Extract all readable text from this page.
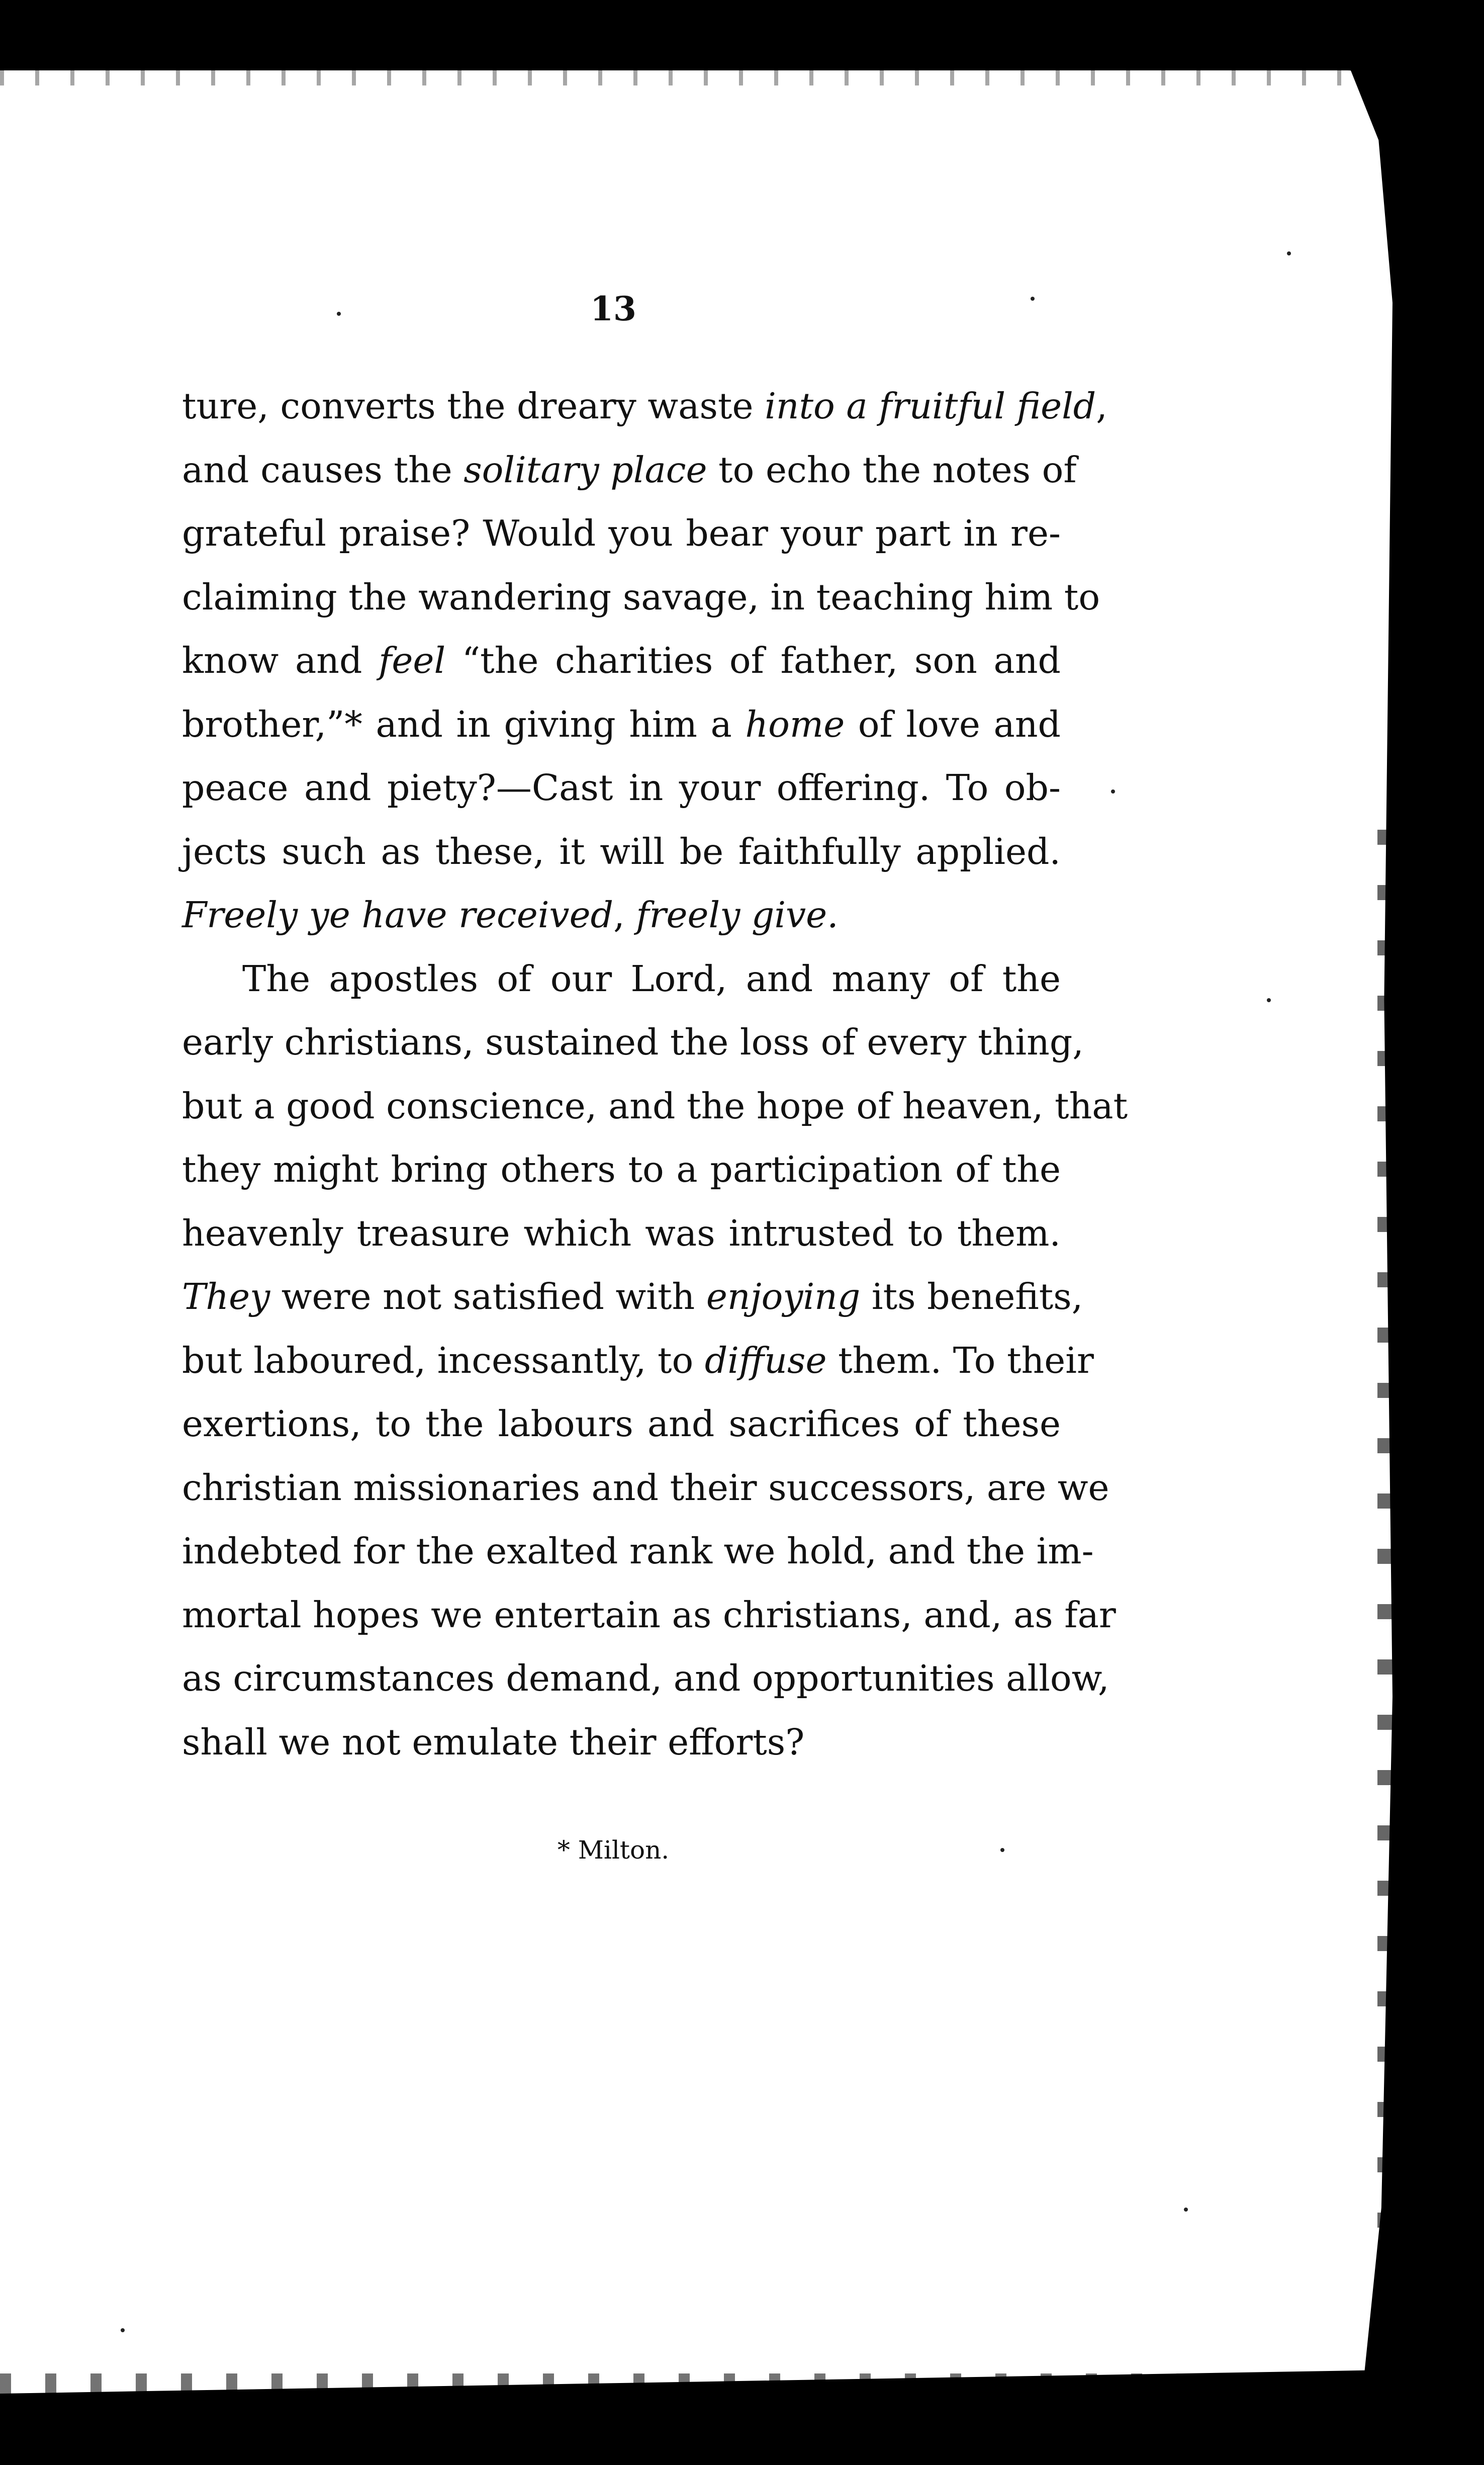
13
ture, converts the dreary waste into a fruitful field,
and causes the solitary place to echo the notes of
grateful praise? Would you bear your part in re-
claiming the wandering savage, in teaching him to
know and feel “the charities of father, son and
brother,”* and in giving him a home of love and
peace and piety?—Cast in your offering. To ob-
jects such as these, it will be faithfully applied.
Freely ye have received, freely give.
The apostles of our Lord, and many of the
early christians, sustained the loss of every thing,
but a good conscience, and the hope of heaven, that
they might bring others to a participation of the
heavenly treasure which was intrusted to them.
They were not satisfied with enjoying its benefits,
but laboured, incessantly, to diffuse them. To their
exertions, to the labours and sacrifices of these
christian missionaries and their successors, are we
indebted for the exalted rank we hold, and the im-
mortal hopes we entertain as christians, and, as far
as circumstances demand, and opportunities allow,
shall we not emulate their efforts?
* Milton.
